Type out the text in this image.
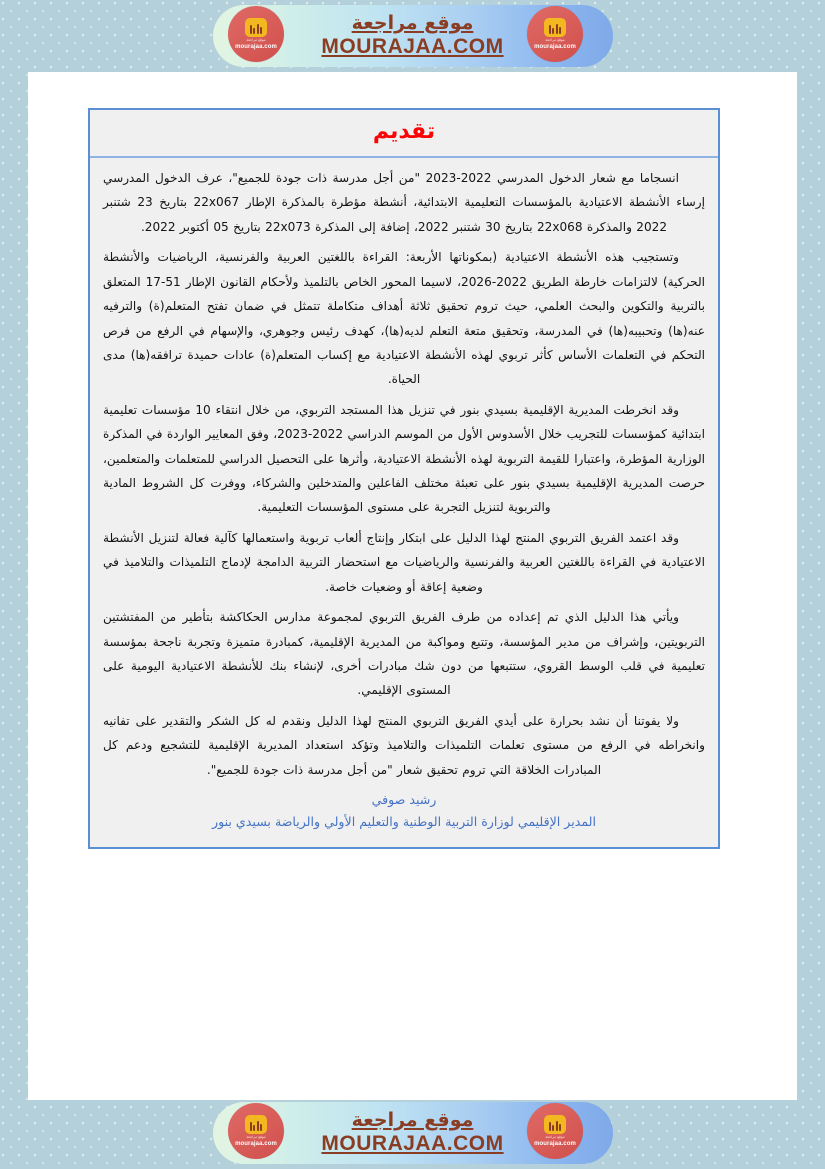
موقع مراجعة
MOURAJAA.COM
موقع مراجعة
mourajaa.com
موقع مراجعة
mourajaa.com
تقديم

انسجاما مع شعار الدخول المدرسي 2022-2023 "من أجل مدرسة ذات جودة للجميع"، عرف الدخول المدرسي إرساء الأنشطة الاعتيادية بالمؤسسات التعليمية الابتدائية، أنشطة مؤطرة بالمذكرة الإطار 22x067 بتاريخ 23 شتنبر 2022 والمذكرة 22x068 بتاريخ 30 شتنبر 2022، إضافة إلى المذكرة 22x073 بتاريخ 05 أكتوبر 2022.

وتستجيب هذه الأنشطة الاعتيادية (بمكوناتها الأربعة: القراءة باللغتين العربية والفرنسية، الرياضيات والأنشطة الحركية) لالتزامات خارطة الطريق 2022-2026، لاسيما المحور الخاص بالتلميذ ولأحكام القانون الإطار 51-17 المتعلق بالتربية والتكوين والبحث العلمي، حيث تروم تحقيق ثلاثة أهداف متكاملة تتمثل في ضمان تفتح المتعلم(ة) والترفيه عنه(ها) وتحبيبه(ها) في المدرسة، وتحقيق متعة التعلم لديه(ها)، كهدف رئيس وجوهري، والإسهام في الرفع من فرص التحكم في التعلمات الأساس كأثر تربوي لهذه الأنشطة الاعتيادية مع إكساب المتعلم(ة) عادات حميدة ترافقه(ها) مدى الحياة.

وقد انخرطت المديرية الإقليمية بسيدي بنور في تنزيل هذا المستجد التربوي، من خلال انتقاء 10 مؤسسات تعليمية ابتدائية كمؤسسات للتجريب خلال الأسدوس الأول من الموسم الدراسي 2022-2023، وفق المعايير الواردة في المذكرة الوزارية المؤطرة، واعتبارا للقيمة التربوية لهذه الأنشطة الاعتيادية، وأثرها على التحصيل الدراسي للمتعلمات والمتعلمين، حرصت المديرية الإقليمية بسيدي بنور على تعبئة مختلف الفاعلين والمتدخلين والشركاء، ووفرت كل الشروط المادية والتربوية لتنزيل التجربة على مستوى المؤسسات التعليمية.

وقد اعتمد الفريق التربوي المنتج لهذا الدليل على ابتكار وإنتاج ألعاب تربوية واستعمالها كآلية فعالة لتنزيل الأنشطة الاعتيادية في القراءة باللغتين العربية والفرنسية والرياضيات مع استحضار التربية الدامجة لإدماج التلميذات والتلاميذ في وضعية إعاقة أو وضعيات خاصة.

ويأتي هذا الدليل الذي تم إعداده من طرف الفريق التربوي لمجموعة مدارس الحكاكشة بتأطير من المفتشتين التربويتين، وإشراف من مدير المؤسسة، وتتبع ومواكبة من المديرية الإقليمية، كمبادرة متميزة وتجربة ناجحة بمؤسسة تعليمية في قلب الوسط القروي، ستتبعها من دون شك مبادرات أخرى، لإنشاء بنك للأنشطة الاعتيادية اليومية على المستوى الإقليمي.

ولا يفوتنا أن نشد بحرارة على أيدي الفريق التربوي المنتج لهذا الدليل ونقدم له كل الشكر والتقدير على تفانيه وانخراطه في الرفع من مستوى تعلمات التلميذات والتلاميذ وتؤكد استعداد المديرية الإقليمية للتشجيع ودعم كل المبادرات الخلاقة التي تروم تحقيق شعار "من أجل مدرسة ذات جودة للجميع".

رشيد صوفي
المدير الإقليمي لوزارة التربية الوطنية والتعليم الأولي والرياضة بسيدي بنور
موقع مراجعة
MOURAJAA.COM
موقع مراجعة
mourajaa.com
موقع مراجعة
mourajaa.com
